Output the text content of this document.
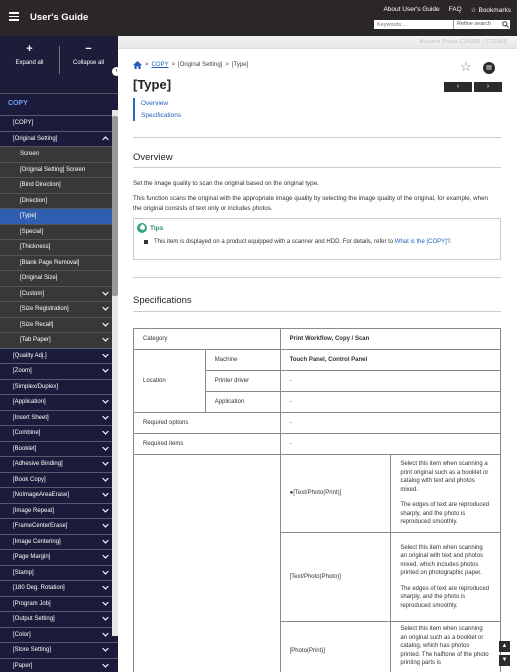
User's Guide
About User's Guide FAQ ☆ Bookmarks
Keywords...
Refine search
+
Expand all
−
Collapse all
COPY
[COPY]
[Original Setting]
Screen
[Original Setting] Screen
[Bind Direction]
[Direction]
[Type]
[Special]
[Thickness]
[Blank Page Removal]
[Original Size]
[Custom]
[Size Registration]
[Size Recall]
[Tab Paper]
[Quality Adj.]
[Zoom]
[Simplex/Duplex]
[Application]
[Insert Sheet]
[Combine]
[Booklet]
[Adhesive Binding]
[Book Copy]
[NoImageAreaErase]
[Image Repeat]
[FrameCenterErase]
[Image Centering]
[Page Margin]
[Stamp]
[180 Deg. Rotation]
[Program Job]
[Output Setting]
[Color]
[Store Setting]
[Paper]
‹
Accurio Press C14000 / C12000
> COPY > [Original Setting] > [Type]	☆	▤
[Type]	‹	›
Overview
Specifications
Overview
Set the image quality to scan the original based on the original type.
This function scans the original with the appropriate image quality by selecting the image quality of the original, for example, when the original consists of text only or includes photos.
Tips
This item is displayed on a product equipped with a scanner and HDD. For details, refer to What is the [COPY]?.
Specifications
Category		Print Workflow, Copy / Scan	
Location	Machine	Touch Panel, Control Panel	
	Printer driver	-	
	Application	-	
Required options		-	
Required items		-	
		●[Text/Photo(Print)]	Select this item when scanning a print original such as a booklet or catalog with text and photos mixed.

The edges of text are reproduced sharply, and the photo is reproduced smoothly.

		[Text/Photo(Photo)]	Select this item when scanning an original with text and photos mixed, which includes photos printed on photographic paper.

The edges of text are reproduced sharply, and the photo is reproduced smoothly.

		[Photo(Print)]	Select this item when scanning an original such as a booklet or catalog, which has photos printed. The halftone of the photo printing parts is

▲
▼
